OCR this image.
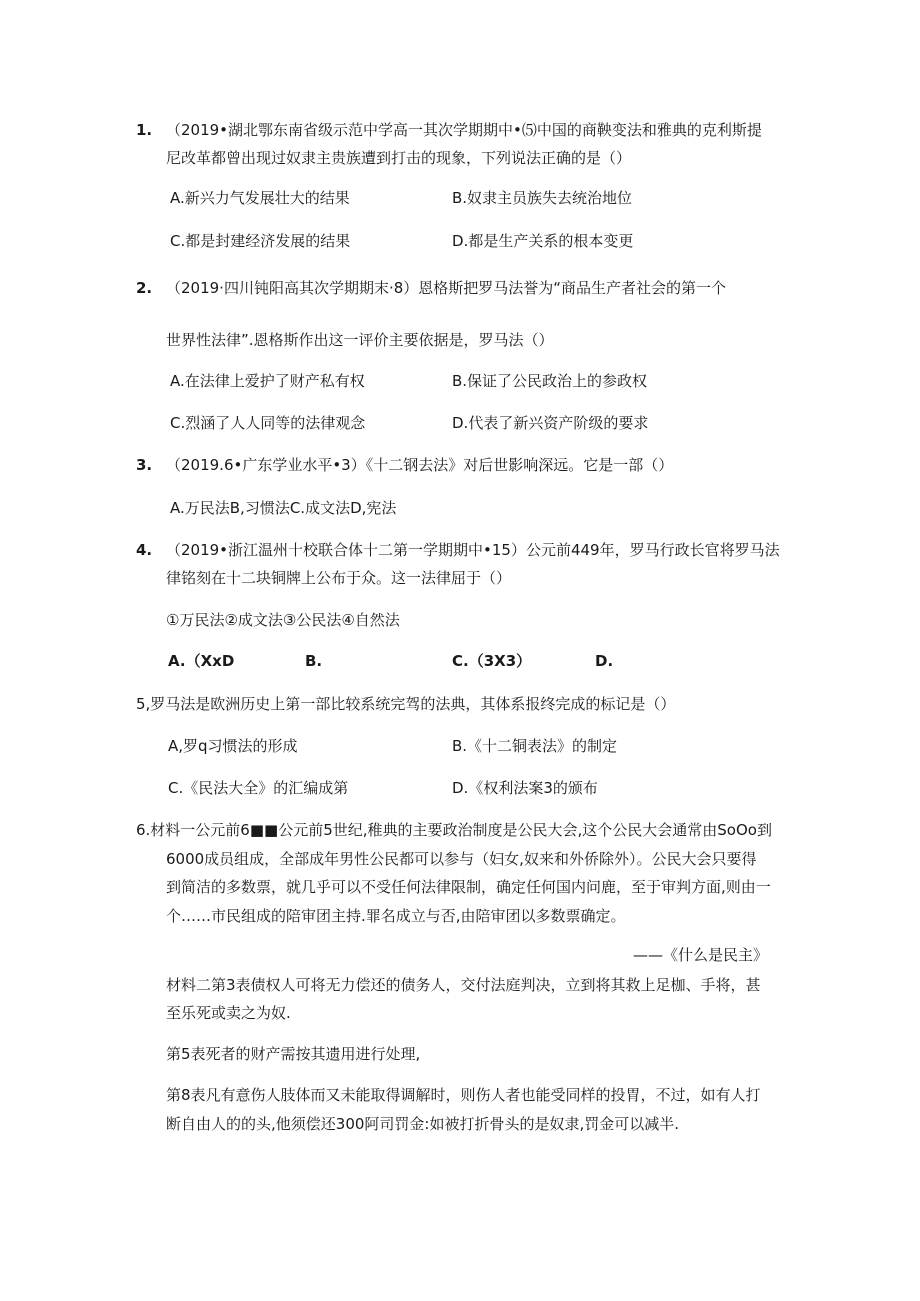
1. （2019•湖北鄂东南省级示范中学高一其次学期期中•⑸中国的商鞅变法和雅典的克利斯提
尼改革都曾出现过奴隶主贵族遭到打击的现象，下列说法正确的是（）
A.新兴力气发展壮大的结果	B.奴隶主员族失去统治地位
C.都是封建经济发展的结果	D.都是生产关系的根本变更
2. （2019·四川钝阳高其次学期期末·8）恩格斯把罗马法誉为“商品生产者社会的第一个
世界性法律”.恩格斯作出这一评价主要依据是，罗马法（）
A.在法律上爱护了财产私有权	B.保证了公民政治上的参政权
C.烈涵了人人同等的法律观念	D.代表了新兴资产阶级的要求
3. （2019.6•广东学业水平•3）《十二钢去法》对后世影响深远。它是一部（）
A.万民法B,习惯法C.成文法D,宪法
4. （2019•浙江温州十校联合体十二第一学期期中•15）公元前449年，罗马行政长官将罗马法
律铭刻在十二块铜牌上公布于众。这一法律屈于（）
①万民法②成文法③公民法④自然法
A.（XxD	B.	C.（3X3）	D.
5,罗马法是欧洲历史上第一部比较系统完驾的法典，其体系报终完成的标记是（）
A,罗q习惯法的形成	B.《十二铜表法》的制定
C.《民法大全》的汇编成第	D.《权利法案3的颁布
6.材料一公元前6■■公元前5世纪,稚典的主要政治制度是公民大会,这个公民大会通常由SoOo到
6000成员组成，全部成年男性公民都可以参与（妇女,奴来和外侨除外）。公民大会只要得
到简洁的多数票，就几乎可以不受任何法律限制，确定任何国内问鹿，至于审判方面,则由一
个……市民组成的陪审团主持.罪名成立与否,由陪审团以多数票确定。
——《什么是民主》
材料二第3表债权人可将无力偿还的债务人，交付法庭判决，立到将其救上足枷、手将，甚
至乐死或卖之为奴.
第5表死者的财产需按其遗用进行处理,
第8表凡有意伤人肢体而又未能取得调解时，则伤人者也能受同样的投胃，不过，如有人打
断自由人的的头,他须偿还300阿司罚金:如被打折骨头的是奴隶,罚金可以减半.
